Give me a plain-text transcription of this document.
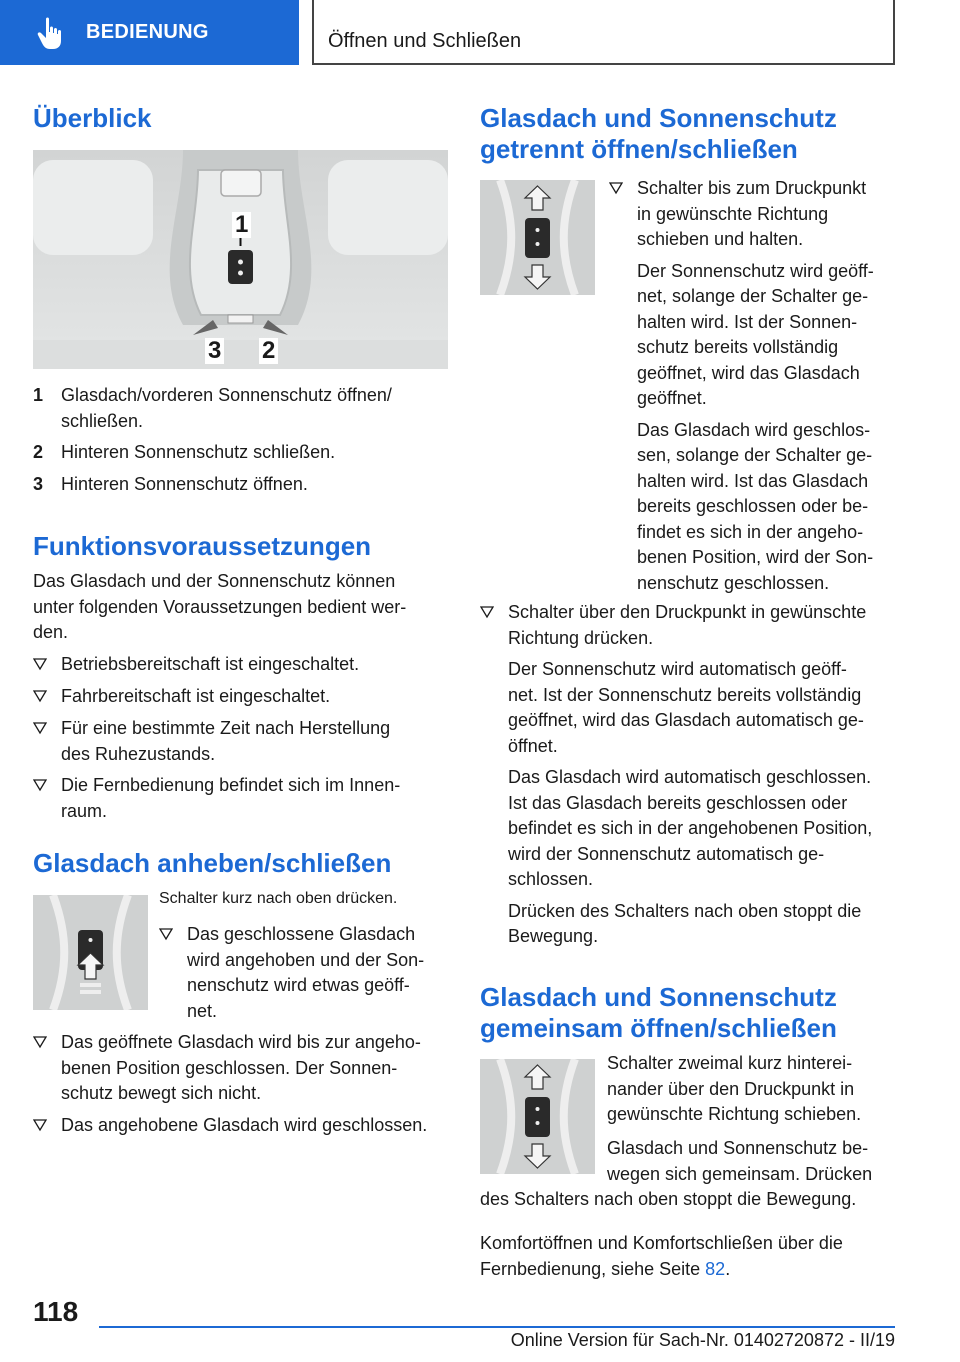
BEDIENUNG	Öffnen und Schließen
Überblick
1
3 2
1 Glasdach/vorderen Sonnenschutz öffnen/
schließen.
2 Hinteren Sonnenschutz schließen.
3 Hinteren Sonnenschutz öffnen.
Funktionsvoraussetzungen

Das Glasdach und der Sonnenschutz können

unter folgenden Voraussetzungen bedient wer-

den.

Betriebsbereitschaft ist eingeschaltet.
Fahrbereitschaft ist eingeschaltet.
Für eine bestimmte Zeit nach Herstellung
des Ruhezustands.
Die Fernbedienung befindet sich im Innen-
raum.
Glasdach anheben/schließen
Schalter kurz nach oben drücken.
Das geschlossene Glasdach
wird angehoben und der Son-
nenschutz wird etwas geöff-
net.
Das geöffnete Glasdach wird bis zur angeho-
benen Position geschlossen. Der Sonnen-
schutz bewegt sich nicht.
Das angehobene Glasdach wird geschlossen.
Glasdach und Sonnenschutz
getrennt öffnen/schließen
Schalter bis zum Druckpunkt
in gewünschte Richtung
schieben und halten.
Der Sonnenschutz wird geöff-
net, solange der Schalter ge-
halten wird. Ist der Sonnen-
schutz bereits vollständig
geöffnet, wird das Glasdach
geöffnet.
Das Glasdach wird geschlos-
sen, solange der Schalter ge-
halten wird. Ist das Glasdach
bereits geschlossen oder be-
findet es sich in der angeho-
benen Position, wird der Son-
nenschutz geschlossen.
Schalter über den Druckpunkt in gewünschte
Richtung drücken.
Der Sonnenschutz wird automatisch geöff-
net. Ist der Sonnenschutz bereits vollständig
geöffnet, wird das Glasdach automatisch ge-
öffnet.
Das Glasdach wird automatisch geschlossen.
Ist das Glasdach bereits geschlossen oder
befindet es sich in der angehobenen Position,
wird der Sonnenschutz automatisch ge-
schlossen.
Drücken des Schalters nach oben stoppt die
Bewegung.
Glasdach und Sonnenschutz
gemeinsam öffnen/schließen

Schalter zweimal kurz hinterei-

nander über den Druckpunkt in

gewünschte Richtung schieben.

Glasdach und Sonnenschutz be-

wegen sich gemeinsam. Drücken

des Schalters nach oben stoppt die Bewegung.

Komfortöffnen und Komfortschließen über die

Fernbedienung, siehe Seite 82.

118
Online Version für Sach-Nr. 01402720872 - II/19
